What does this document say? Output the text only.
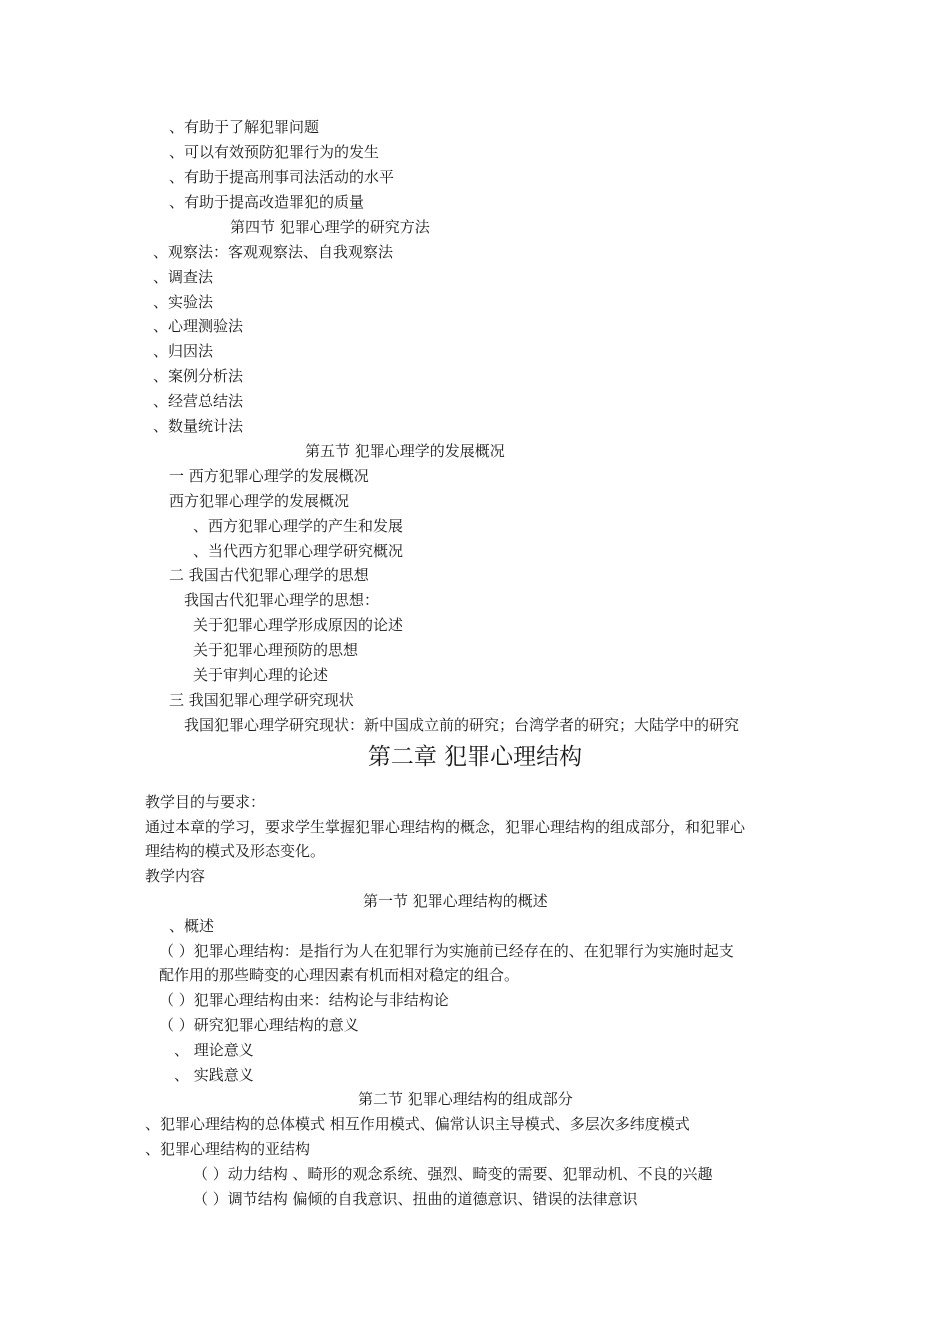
、有助于了解犯罪问题
、可以有效预防犯罪行为的发生
、有助于提高刑事司法活动的水平
、有助于提高改造罪犯的质量
第四节 犯罪心理学的研究方法
、观察法：客观观察法、自我观察法
、调查法
、实验法
、心理测验法
、归因法
、案例分析法
、经营总结法
、数量统计法
第五节 犯罪心理学的发展概况
一 西方犯罪心理学的发展概况
西方犯罪心理学的发展概况
、西方犯罪心理学的产生和发展
、当代西方犯罪心理学研究概况
二 我国古代犯罪心理学的思想
我国古代犯罪心理学的思想：
关于犯罪心理学形成原因的论述
关于犯罪心理预防的思想
关于审判心理的论述
三 我国犯罪心理学研究现状
我国犯罪心理学研究现状：新中国成立前的研究；台湾学者的研究；大陆学中的研究
第二章 犯罪心理结构
教学目的与要求：
通过本章的学习，要求学生掌握犯罪心理结构的概念，犯罪心理结构的组成部分，和犯罪心
理结构的模式及形态变化。
教学内容
第一节 犯罪心理结构的概述
、概述
（ ）犯罪心理结构：是指行为人在犯罪行为实施前已经存在的、在犯罪行为实施时起支
配作用的那些畸变的心理因素有机而相对稳定的组合。
（ ）犯罪心理结构由来：结构论与非结构论
（ ）研究犯罪心理结构的意义
、 理论意义
、 实践意义
第二节 犯罪心理结构的组成部分
、犯罪心理结构的总体模式 相互作用模式、偏常认识主导模式、多层次多纬度模式
、犯罪心理结构的亚结构
（ ）动力结构 、畸形的观念系统、强烈、畸变的需要、犯罪动机、不良的兴趣
（ ）调节结构 偏倾的自我意识、扭曲的道德意识、错误的法律意识
